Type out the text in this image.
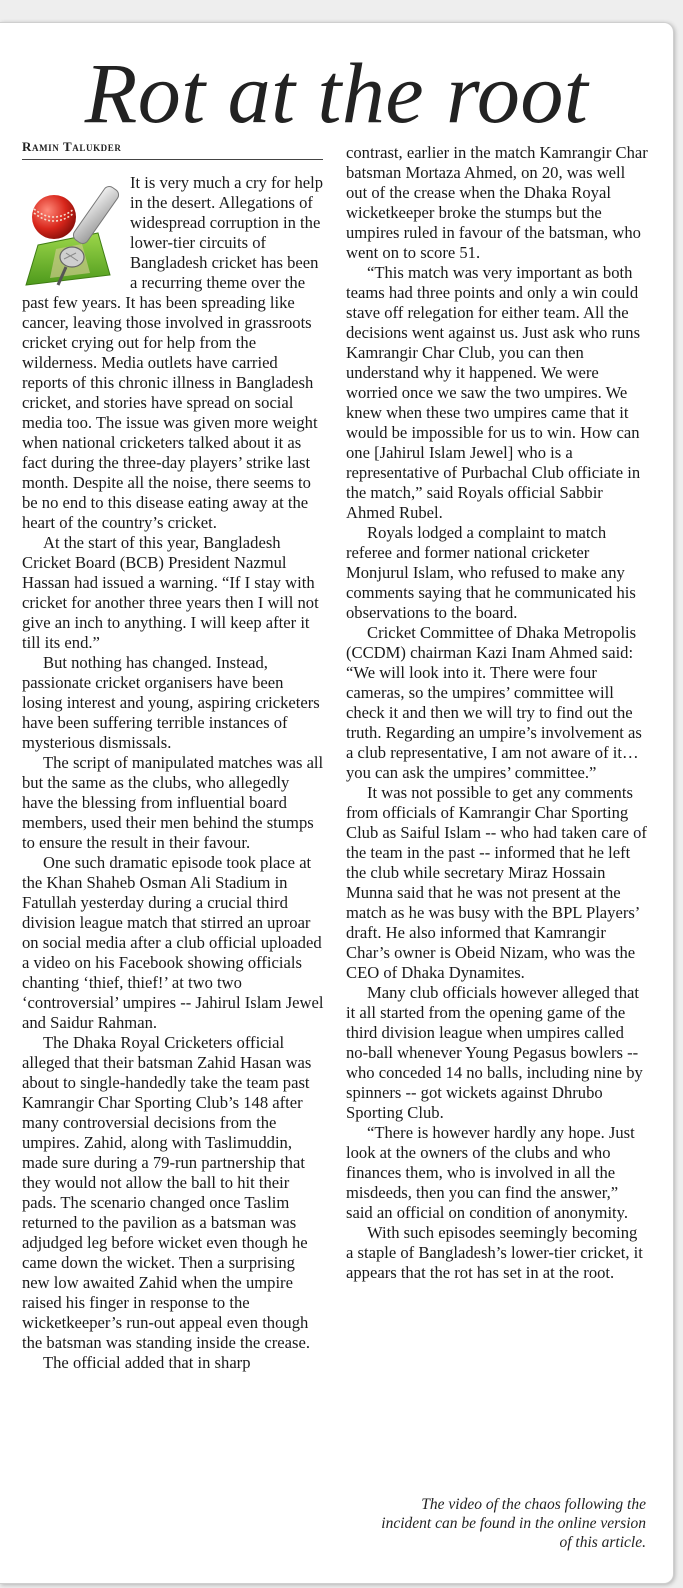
Rot at the root
Ramin Talukder

It is very much a cry for help in the desert. Allegations of widespread corruption in the lower-tier circuits of Bangladesh cricket has been a recurring theme over the past few years. It has been spreading like cancer, leaving those involved in grassroots cricket crying out for help from the wilderness. Media outlets have carried reports of this chronic illness in Bangladesh cricket, and stories have spread on social media too. The issue was given more weight when national cricketers talked about it as fact during the three-day players’ strike last month. Despite all the noise, there seems to be no end to this disease eating away at the heart of the country’s cricket.

At the start of this year, Bangladesh Cricket Board (BCB) President Nazmul Hassan had issued a warning. “If I stay with cricket for another three years then I will not give an inch to anything. I will keep after it till its end.”

But nothing has changed. Instead, passionate cricket organisers have been losing interest and young, aspiring cricketers have been suffering terrible instances of mysterious dismissals.

The script of manipulated matches was all but the same as the clubs, who allegedly have the blessing from influential board members, used their men behind the stumps to ensure the result in their favour.

One such dramatic episode took place at the Khan Shaheb Osman Ali Stadium in Fatullah yesterday during a crucial third division league match that stirred an uproar on social media after a club official uploaded a video on his Facebook showing officials chanting ‘thief, thief!’ at two two ‘controversial’ umpires -- Jahirul Islam Jewel and Saidur Rahman.

The Dhaka Royal Cricketers official alleged that their batsman Zahid Hasan was about to single-handedly take the team past Kamrangir Char Sporting Club’s 148 after many controversial decisions from the umpires. Zahid, along with Taslimuddin, made sure during a 79-run partnership that they would not allow the ball to hit their pads. The scenario changed once Taslim returned to the pavilion as a batsman was adjudged leg before wicket even though he came down the wicket. Then a surprising new low awaited Zahid when the umpire raised his finger in response to the wicketkeeper’s run-out appeal even though the batsman was standing inside the crease.

The official added that in sharp

contrast, earlier in the match Kamrangir Char batsman Mortaza Ahmed, on 20, was well out of the crease when the Dhaka Royal wicketkeeper broke the stumps but the umpires ruled in favour of the batsman, who went on to score 51.

“This match was very important as both teams had three points and only a win could stave off relegation for either team. All the decisions went against us. Just ask who runs Kamrangir Char Club, you can then understand why it happened. We were worried once we saw the two umpires. We knew when these two umpires came that it would be impossible for us to win. How can one [Jahirul Islam Jewel] who is a representative of Purbachal Club officiate in the match,” said Royals official Sabbir Ahmed Rubel.

Royals lodged a complaint to match referee and former national cricketer Monjurul Islam, who refused to make any comments saying that he communicated his observations to the board.

Cricket Committee of Dhaka Metropolis (CCDM) chairman Kazi Inam Ahmed said: “We will look into it. There were four cameras, so the umpires’ committee will check it and then we will try to find out the truth. Regarding an umpire’s involvement as a club representative, I am not aware of it… you can ask the umpires’ committee.”

It was not possible to get any comments from officials of Kamrangir Char Sporting Club as Saiful Islam -- who had taken care of the team in the past -- informed that he left the club while secretary Miraz Hossain Munna said that he was not present at the match as he was busy with the BPL Players’ draft. He also informed that Kamrangir Char’s owner is Obeid Nizam, who was the CEO of Dhaka Dynamites.

Many club officials however alleged that it all started from the opening game of the third division league when umpires called no-ball whenever Young Pegasus bowlers -- who conceded 14 no balls, including nine by spinners -- got wickets against Dhrubo Sporting Club.

“There is however hardly any hope. Just look at the owners of the clubs and who finances them, who is involved in all the misdeeds, then you can find the answer,” said an official on condition of anonymity.

With such episodes seemingly becoming a staple of Bangladesh’s lower-tier cricket, it appears that the rot has set in at the root.

The video of the chaos following the incident can be found in the online version of this article.
